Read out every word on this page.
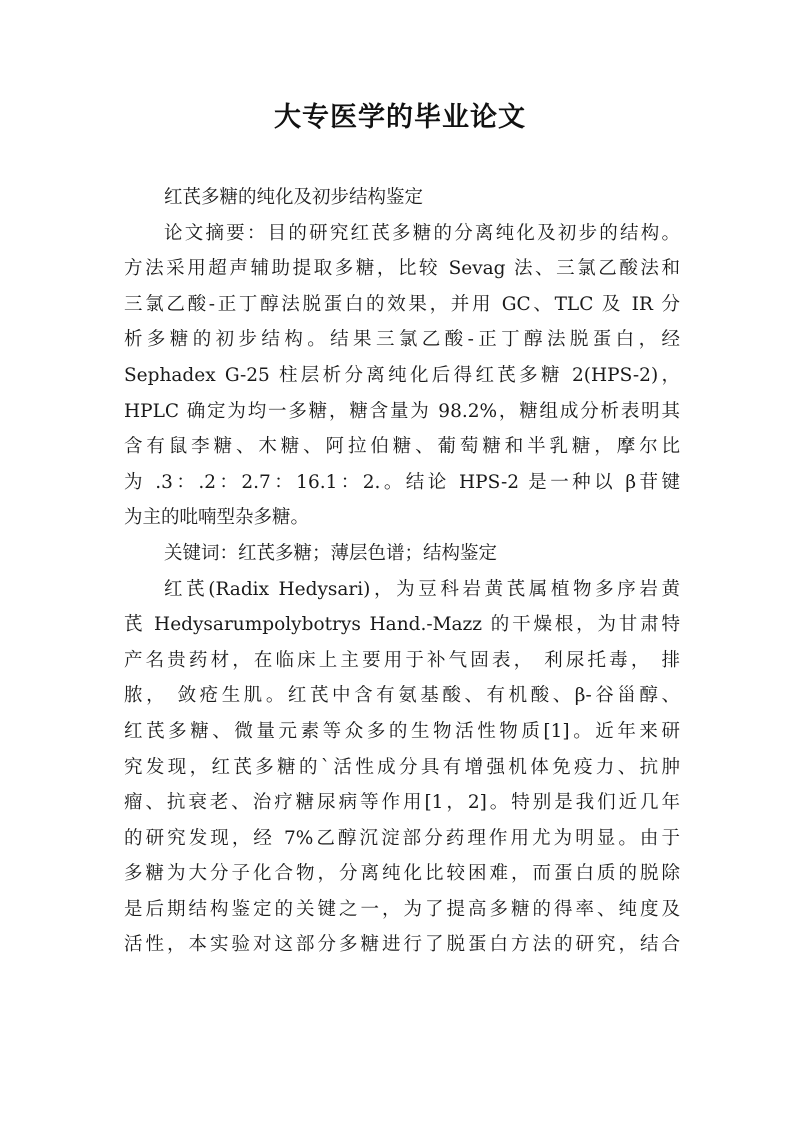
大专医学的毕业论文
红芪多糖的纯化及初步结构鉴定
论文摘要：目的研究红芪多糖的分离纯化及初步的结构。
方法采用超声辅助提取多糖，比较 Sevag 法、三氯乙酸法和
三氯乙酸-正丁醇法脱蛋白的效果，并用 GC、TLC 及 IR 分
析多糖的初步结构。结果三氯乙酸-正丁醇法脱蛋白，经
Sephadex G-25 柱层析分离纯化后得红芪多糖 2(HPS-2)，
HPLC 确定为均一多糖，糖含量为 98.2%，糖组成分析表明其
含有鼠李糖、木糖、阿拉伯糖、葡萄糖和半乳糖，摩尔比
为 .3：.2：2.7：16.1：2.。结论 HPS-2 是一种以 β苷键
为主的吡喃型杂多糖。
关键词：红芪多糖；薄层色谱；结构鉴定
红芪(Radix Hedysari)，为豆科岩黄芪属植物多序岩黄
芪 Hedysarumpolybotrys Hand.-Mazz 的干燥根，为甘肃特
产名贵药材，在临床上主要用于补气固表， 利尿托毒， 排
脓， 敛疮生肌。红芪中含有氨基酸、有机酸、β-谷甾醇、
红芪多糖、微量元素等众多的生物活性物质[1]。近年来研
究发现，红芪多糖的`活性成分具有增强机体免疫力、抗肿
瘤、抗衰老、治疗糖尿病等作用[1，2]。特别是我们近几年
的研究发现，经 7%乙醇沉淀部分药理作用尤为明显。由于
多糖为大分子化合物，分离纯化比较困难，而蛋白质的脱除
是后期结构鉴定的关键之一，为了提高多糖的得率、纯度及
活性，本实验对这部分多糖进行了脱蛋白方法的研究，结合
